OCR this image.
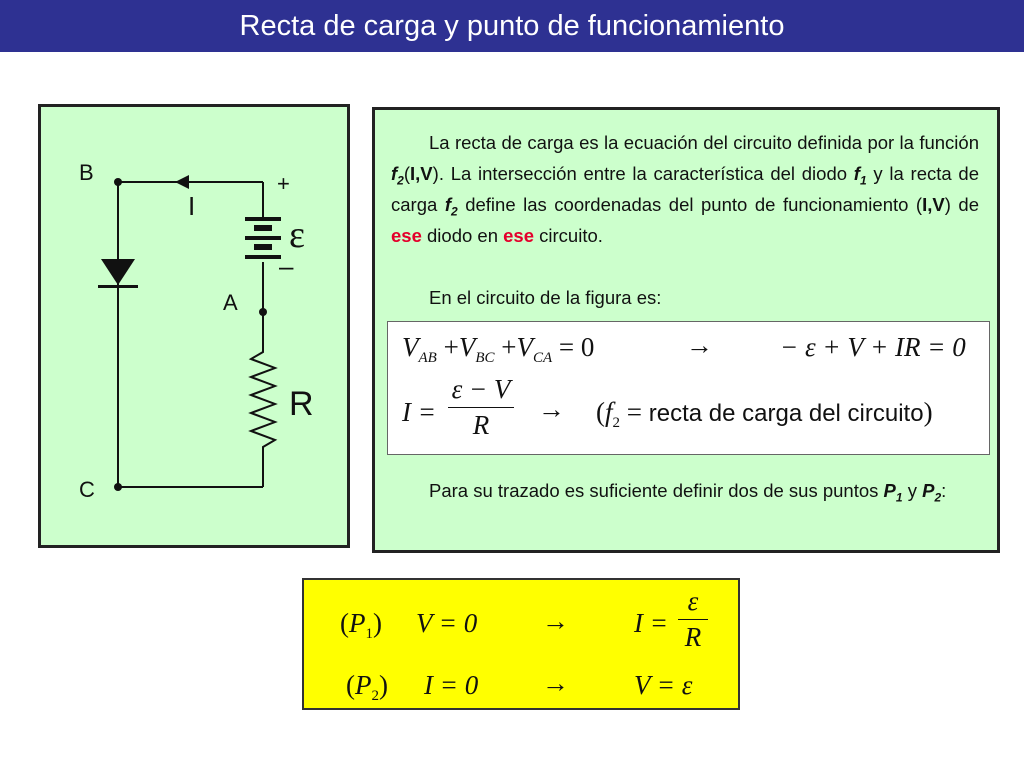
Recta de carga y punto de funcionamiento
B
A
C
I
+
–
ε
R

La recta de carga es la ecuación del circuito definida por la función $f_2(I,V)$. La intersección entre la característica del diodo $f_1$ y la recta de carga $f_2$ define las coordenadas del punto de funcionamiento (I,V) de ese diodo en ese circuito.

En el circuito de la figura es:

$V_{AB} +V_{BC} +V_{CA} = 0$	→ − ε + V + IR = 0
I =
ε − V
R
→ ($f_2$ = recta de carga del circuito)

Para su trazado es suficiente definir dos de sus puntos $P_1$ y $P_2$:

$(P_1) V = 0 \to I$ =
ε
R
$(P_2) I = 0 \to V = \varepsilon$
